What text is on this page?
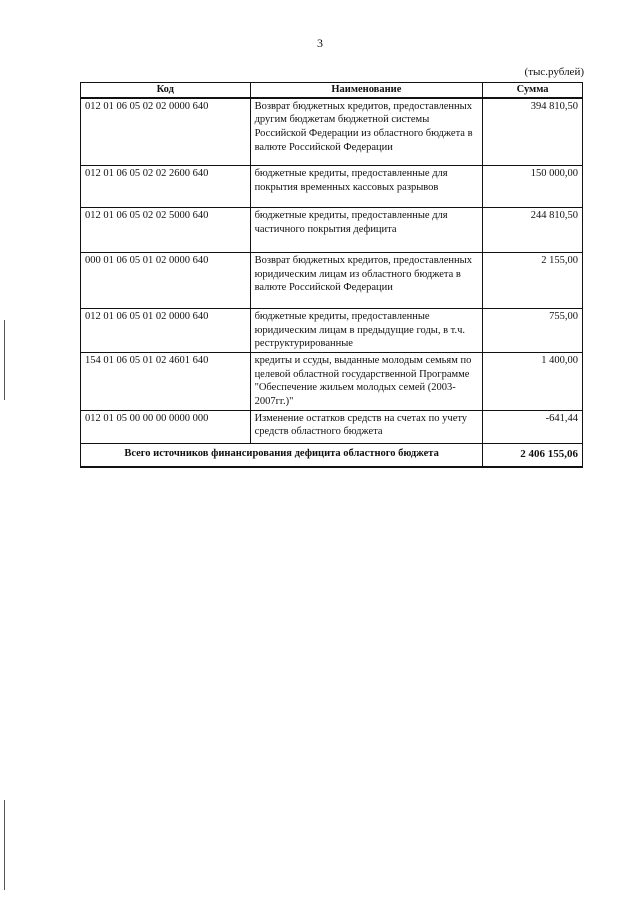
3
(тыс.рублей)
Код	Наименование	Сумма
012 01 06 05 02 02 0000 640	Возврат бюджетных кредитов, предоставленных другим бюджетам бюджетной системы Российской Федерации из областного бюджета в валюте Российской Федерации	394 810,50
012 01 06 05 02 02 2600 640	бюджетные кредиты, предоставленные для покрытия временных кассовых разрывов	150 000,00
012 01 06 05 02 02 5000 640	бюджетные кредиты, предоставленные для частичного покрытия дефицита	244 810,50
000 01 06 05 01 02 0000 640	Возврат бюджетных кредитов, предоставленных юридическим лицам из областного бюджета в валюте Российской Федерации	2 155,00
012 01 06 05 01 02 0000 640	бюджетные кредиты, предоставленные юридическим лицам в предыдущие годы, в т.ч. реструктурированные	755,00
154 01 06 05 01 02 4601 640	кредиты и ссуды, выданные молодым семьям по целевой областной государственной Программе "Обеспечение жильем молодых семей (2003-2007гг.)"	1 400,00
012 01 05 00 00 00 0000 000	Изменение остатков средств на счетах по учету средств областного бюджета	-641,44
Всего источников финансирования дефицита областного бюджета		2 406 155,06
